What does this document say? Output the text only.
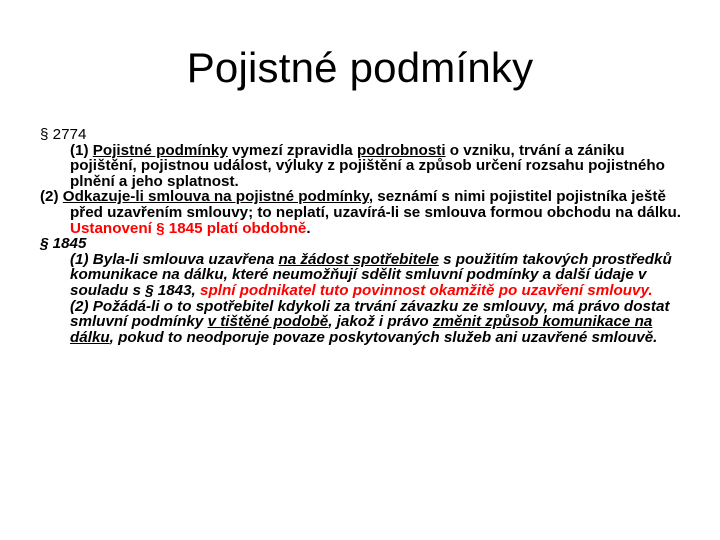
Pojistné podmínky
§ 2774
(1) Pojistné podmínky vymezí zpravidla podrobnosti o vzniku, trvání a zániku pojištění, pojistnou událost, výluky z pojištění a způsob určení rozsahu pojistného plnění a jeho splatnost.
(2) Odkazuje-li smlouva na pojistné podmínky, seznámí s nimi pojistitel pojistníka ještě před uzavřením smlouvy; to neplatí, uzavírá-li se smlouva formou obchodu na dálku. Ustanovení § 1845 platí obdobně.
§ 1845
(1) Byla-li smlouva uzavřena na žádost spotřebitele s použitím takových prostředků komunikace na dálku, které neumožňují sdělit smluvní podmínky a další údaje v souladu s § 1843, splní podnikatel tuto povinnost okamžitě po uzavření smlouvy.
(2) Požádá-li o to spotřebitel kdykoli za trvání závazku ze smlouvy, má právo dostat smluvní podmínky v tištěné podobě, jakož i právo změnit způsob komunikace na dálku, pokud to neodporuje povaze poskytovaných služeb ani uzavřené smlouvě.
